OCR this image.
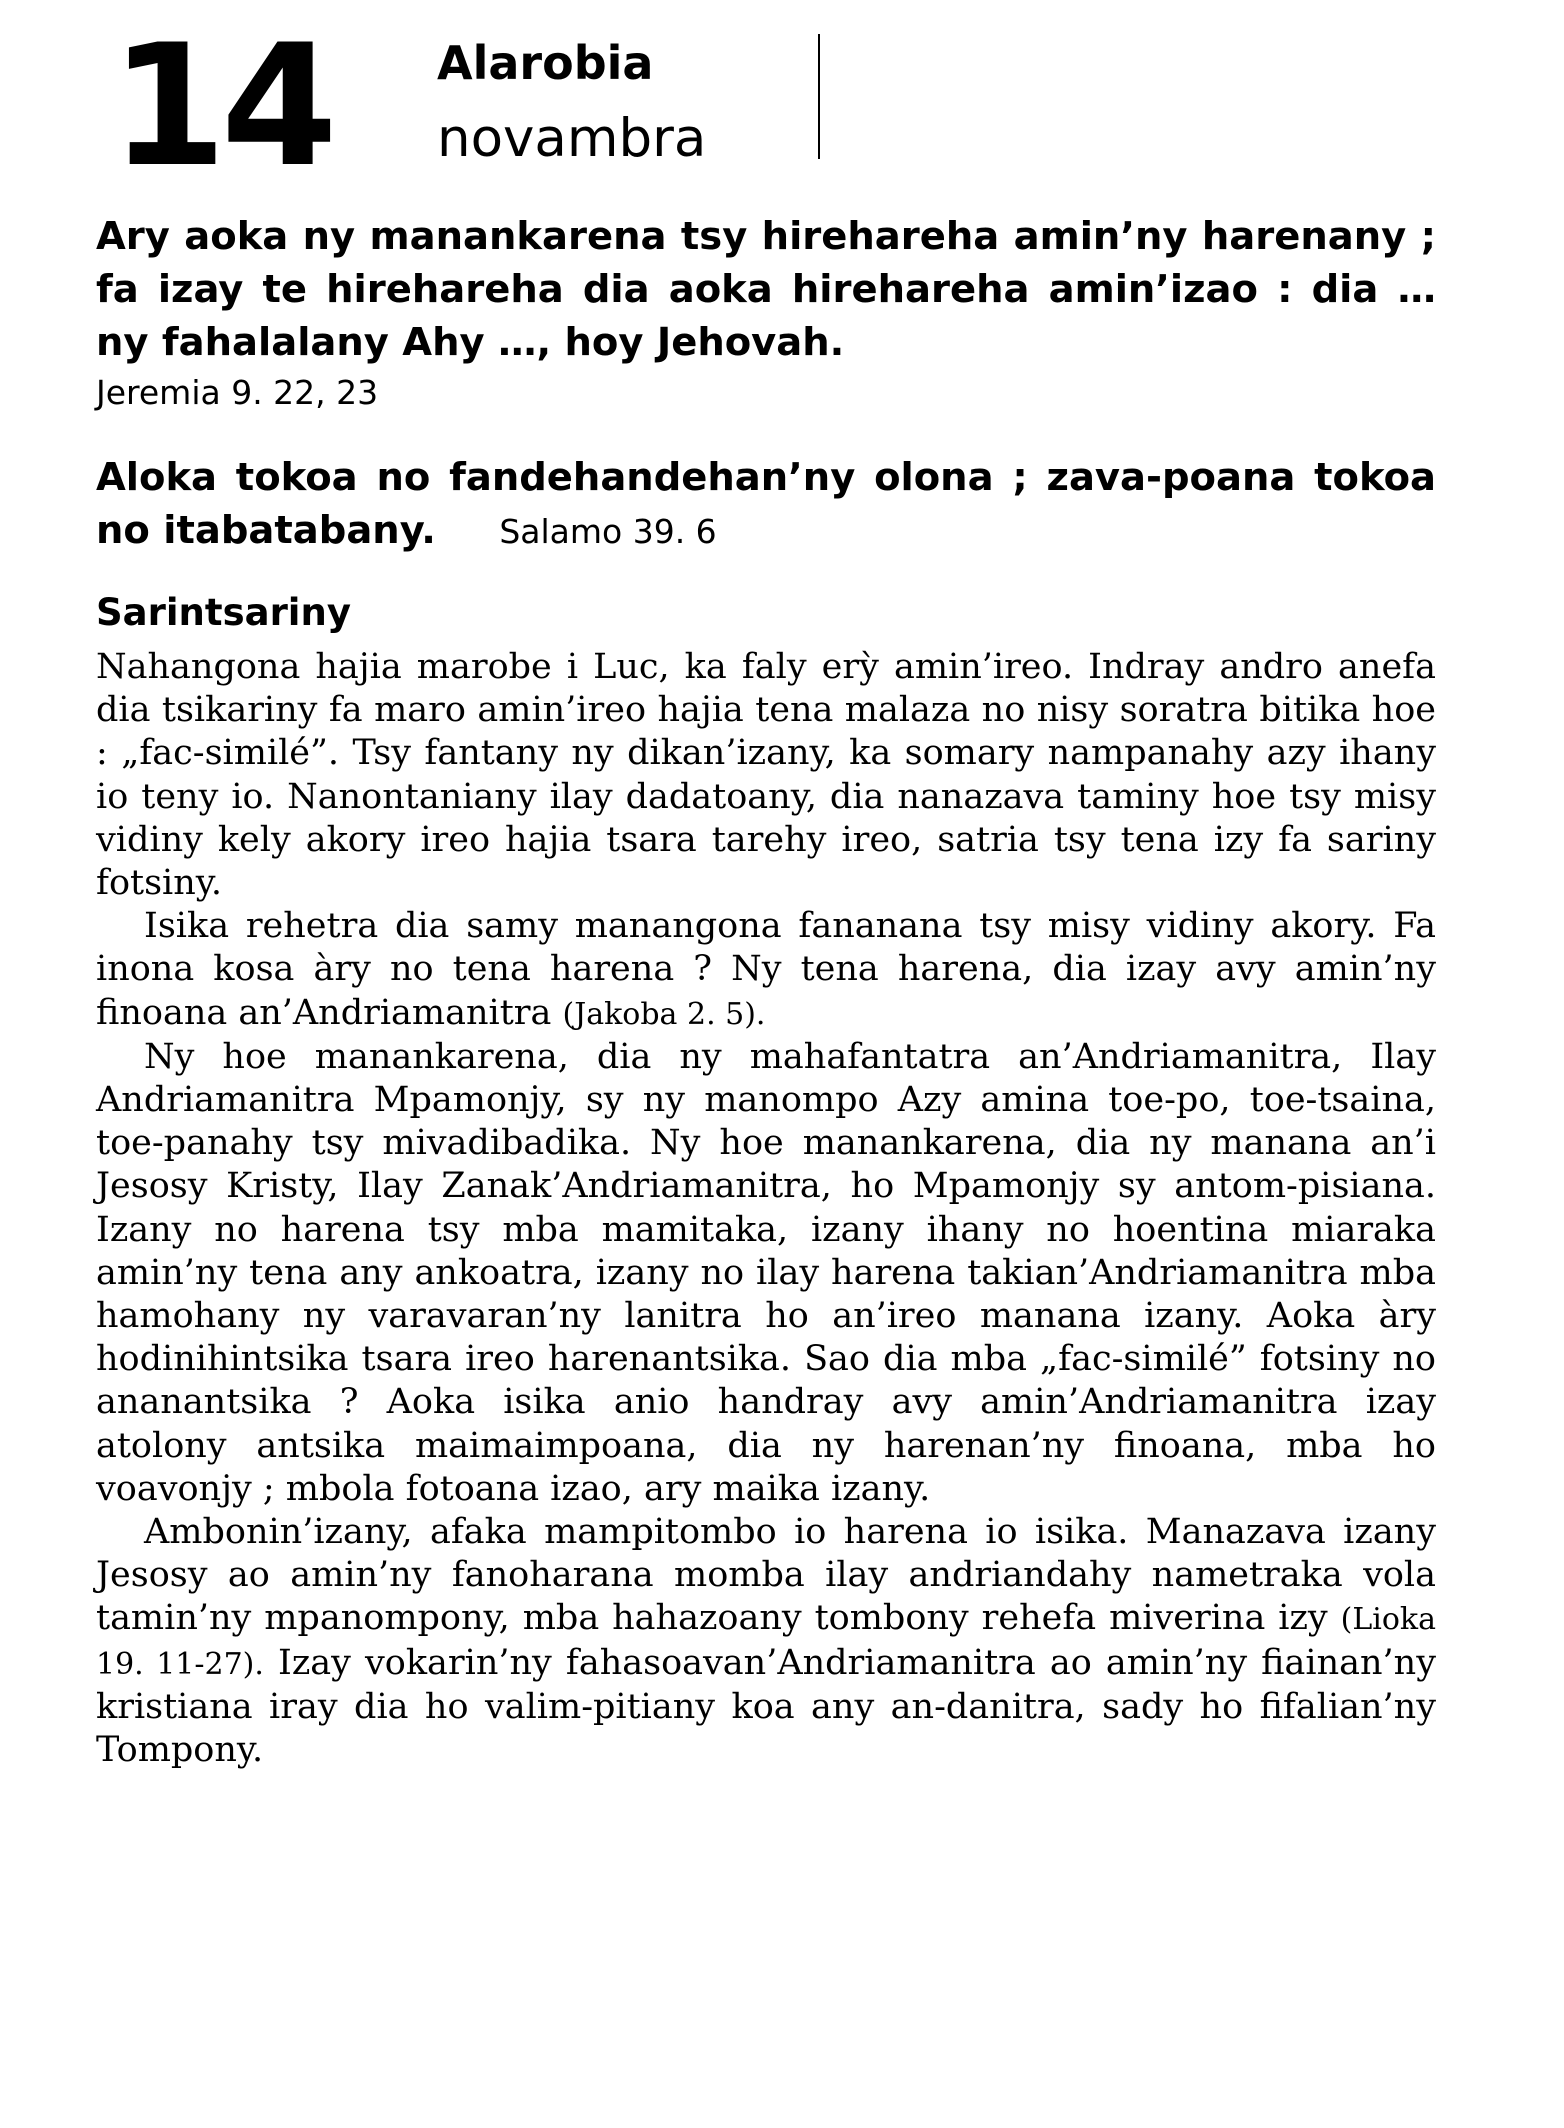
14 Alarobia
novambra
Ary aoka ny manankarena tsy hirehareha amin’ny harenany ; fa izay te hirehareha dia aoka hirehareha amin’izao : dia … ny fahalalany Ahy …, hoy Jehovah.
Jeremia 9. 22, 23
Aloka tokoa no fandehandehan’ny olona ; zava-poana tokoa no itabatabany. Salamo 39. 6
Sarintsariny

Nahangona hajia marobe i Luc, ka faly erỳ amin’ireo. Indray andro anefa dia tsikariny fa maro amin’ireo hajia tena malaza no nisy soratra bitika hoe : „fac-similé”. Tsy fantany ny dikan’izany, ka somary nampanahy azy ihany io teny io. Nanontaniany ilay dadatoany, dia nanazava taminy hoe tsy misy vidiny kely akory ireo hajia tsara tarehy ireo, satria tsy tena izy fa sariny fotsiny.

Isika rehetra dia samy manangona fananana tsy misy vidiny akory. Fa inona kosa àry no tena harena ? Ny tena harena, dia izay avy amin’ny finoana an’Andriamanitra (Jakoba 2. 5).

Ny hoe manankarena, dia ny mahafantatra an’Andriamanitra, Ilay Andriamanitra Mpamonjy, sy ny manompo Azy amina toe-po, toe-tsaina, toe-panahy tsy mivadibadika. Ny hoe manankarena, dia ny manana an’i Jesosy Kristy, Ilay Zanak’Andriamanitra, ho Mpamonjy sy antom-pisiana. Izany no harena tsy mba mamitaka, izany ihany no hoentina miaraka amin’ny tena any ankoatra, izany no ilay harena takian’Andriamanitra mba hamohany ny varavaran’ny lanitra ho an’ireo manana izany. Aoka àry hodinihintsika tsara ireo harenantsika. Sao dia mba „fac-similé” fotsiny no ananantsika ? Aoka isika anio handray avy amin’Andriamanitra izay atolony antsika maimaimpoana, dia ny harenan’ny finoana, mba ho voavonjy ; mbola fotoana izao, ary maika izany.

Ambonin’izany, afaka mampitombo io harena io isika. Manazava izany Jesosy ao amin’ny fanoharana momba ilay andriandahy nametraka vola tamin’ny mpanompony, mba hahazoany tombony rehefa miverina izy (Lioka 19. 11-27). Izay vokarin’ny fahasoavan’Andriamanitra ao amin’ny fiainan’ny kristiana iray dia ho valim-pitiany koa any an-danitra, sady ho fifalian’ny Tompony.
